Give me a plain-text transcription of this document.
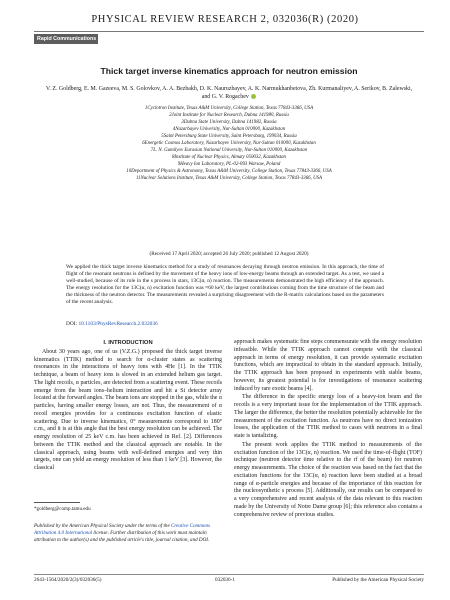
PHYSICAL REVIEW RESEARCH 2, 032036(R) (2020)
Rapid Communications
Thick target inverse kinematics approach for neutron emission
V. Z. Goldberg, E. M. Gazeeva, M. S. Golovkov, A. A. Bezbakh, D. K. Nauruzbayev, A. K. Narmukhanbetova, Zh. Kurmanaliyev, A. Serikov, B. Zalewski, and G. V. Rogachev

1Cyclotron Institute, Texas A&M University, College Station, Texas 77843-3366, USA

2Joint Institute for Nuclear Research, Dubna 141980, Russia

3Dubna State University, Dubna 141982, Russia

4Nazarbayev University, Nur-Sultan 010000, Kazakhstan

5Saint Petersburg State University, Saint Petersburg, 199034, Russia

6Energetic Cosmos Laboratory, Nazarbayev University, Nur-Sultan 010000, Kazakhstan

7L. N. Gumilyov Eurasian National University, Nur-Sultan 010000, Kazakhstan

8Institute of Nuclear Physics, Almaty 050032, Kazakhstan

9Heavy Ion Laboratory, PL-02-093 Warsaw, Poland

10Department of Physics & Astronomy, Texas A&M University, College Station, Texas 77843-3366, USA

11Nuclear Solutions Institute, Texas A&M University, College Station, Texas 77843-3366, USA

(Received 17 April 2020; accepted 26 July 2020; published 12 August 2020)
We applied the thick target inverse kinematics method for a study of resonances decaying through neutron emission. In this approach, the time of flight of the resonant neutrons is defined by the movement of the heavy ions of low-energy beams through an extended target. As a test, we used a well-studied, because of its role in the s process in stars, 13C(α, n) reaction. The measurements demonstrated the high efficiency of the approach. The energy resolution for the 13C(α, n) excitation function was ≈60 keV, the largest contributions coming from the time structure of the beam and the thickness of the neutron detector. The measurements revealed a surprising disagreement with the R-matrix calculations based on the parameters of the recent analysis.
DOI: 10.1103/PhysRevResearch.2.032036

I. INTRODUCTION

About 30 years ago, one of us (V.Z.G.) proposed the thick target inverse kinematics (TTIK) method to search for α-cluster states as scattering resonances in the interactions of heavy ions with 4He [1]. In the TTIK technique, a beam of heavy ions is slowed in an extended helium gas target. The light recoils, α particles, are detected from a scattering event. These recoils emerge from the beam ions–helium interaction and hit a Si detector array located at the forward angles. The beam ions are stopped in the gas, while the α particles, having smaller energy losses, are not. Thus, the measurement of α recoil energies provides for a continuous excitation function of elastic scattering. Due to inverse kinematics, 0° measurements correspond to 180° c.m., and it is at this angle that the best energy resolution can be achieved. The energy resolution of 25 keV c.m. has been achieved in Ref. [2]. Differences between the TTIK method and the classical approach are notable. In the classical approach, using beams with well-defined energies and very thin targets, one can yield an energy resolution of less than 1 keV [3]. However, the classical

approach makes systematic fine steps commensurate with the energy resolution infeasible. While the TTIK approach cannot compete with the classical approach in terms of energy resolution, it can provide systematic excitation functions, which are impractical to obtain in the standard approach. Initially, the TTIK approach has been proposed in experiments with stable beams, however, its greatest potential is for investigations of resonance scattering induced by rare exotic beams [4].

The difference in the specific energy loss of a heavy-ion beam and the recoils is a very important issue for the implementation of the TTIK approach. The larger the difference, the better the resolution potentially achievable for the measurement of the excitation function. As neutrons have no direct ionization losses, the application of the TTIK method to cases with neutrons in a final state is tantalizing.

The present work applies the TTIK method to measurements of the excitation function of the 13C(α, n) reaction. We used the time-of-flight (TOF) technique (neutron detector time relative to the rf of the beam) for neutron energy measurements. The choice of the reaction was based on the fact that the excitation functions for the 13C(α, n) reaction have been studied at a broad range of α-particle energies and because of the importance of this reaction for the nucleosynthetic s process [5]. Additionally, our results can be compared to a very comprehensive and recent analysis of the data relevant to this reaction made by the University of Notre Dame group [6]; this reference also contains a comprehensive review of previous studies.

*goldberg@comp.tamu.edu
Published by the American Physical Society under the terms of the Creative Commons Attribution 4.0 International license. Further distribution of this work must maintain attribution to the author(s) and the published article's title, journal citation, and DOI.
2643-1564/2020/2(3)/032036(5)	032036-1	Published by the American Physical Society
